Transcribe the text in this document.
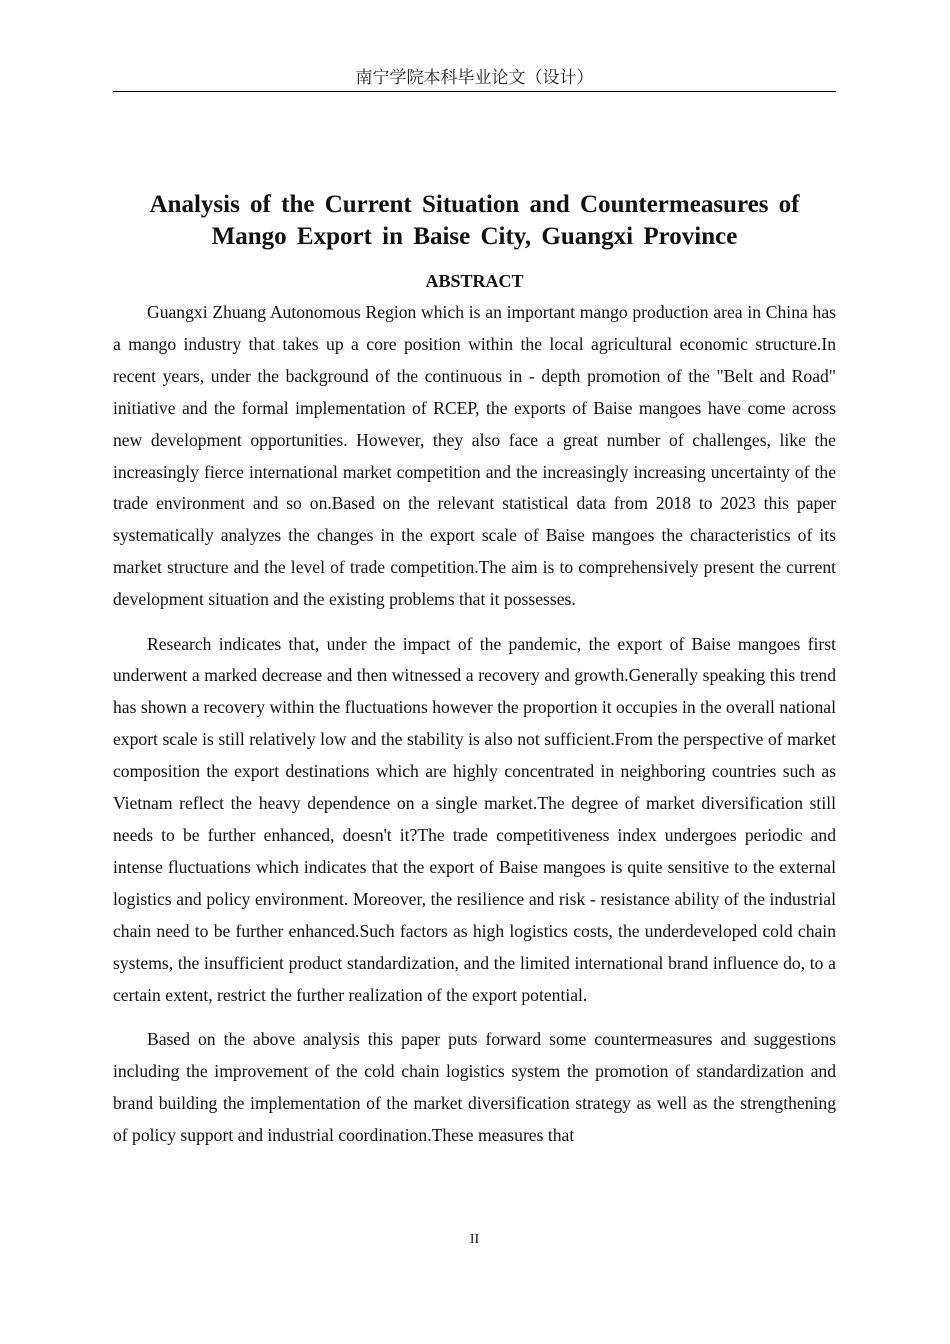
南宁学院本科毕业论文（设计）
Analysis of the Current Situation and Countermeasures of
Mango Export in Baise City, Guangxi Province
ABSTRACT

Guangxi Zhuang Autonomous Region which is an important mango production area in China has a mango industry that takes up a core position within the local agricultural economic structure.In recent years, under the background of the continuous in - depth promotion of the "Belt and Road" initiative and the formal implementation of RCEP, the exports of Baise mangoes have come across new development opportunities. However, they also face a great number of challenges, like the increasingly fierce international market competition and the increasingly increasing uncertainty of the trade environment and so on.Based on the relevant statistical data from 2018 to 2023 this paper systematically analyzes the changes in the export scale of Baise mangoes the characteristics of its market structure and the level of trade competition.The aim is to comprehensively present the current development situation and the existing problems that it possesses.

Research indicates that, under the impact of the pandemic, the export of Baise mangoes first underwent a marked decrease and then witnessed a recovery and growth.Generally speaking this trend has shown a recovery within the fluctuations however the proportion it occupies in the overall national export scale is still relatively low and the stability is also not sufficient.From the perspective of market composition the export destinations which are highly concentrated in neighboring countries such as Vietnam reflect the heavy dependence on a single market.The degree of market diversification still needs to be further enhanced, doesn't it?The trade competitiveness index undergoes periodic and intense fluctuations which indicates that the export of Baise mangoes is quite sensitive to the external logistics and policy environment. Moreover, the resilience and risk - resistance ability of the industrial chain need to be further enhanced.Such factors as high logistics costs, the underdeveloped cold chain systems, the insufficient product standardization, and the limited international brand influence do, to a certain extent, restrict the further realization of the export potential.

Based on the above analysis this paper puts forward some countermeasures and suggestions including the improvement of the cold chain logistics system the promotion of standardization and brand building the implementation of the market diversification strategy as well as the strengthening of policy support and industrial coordination.These measures that

II
